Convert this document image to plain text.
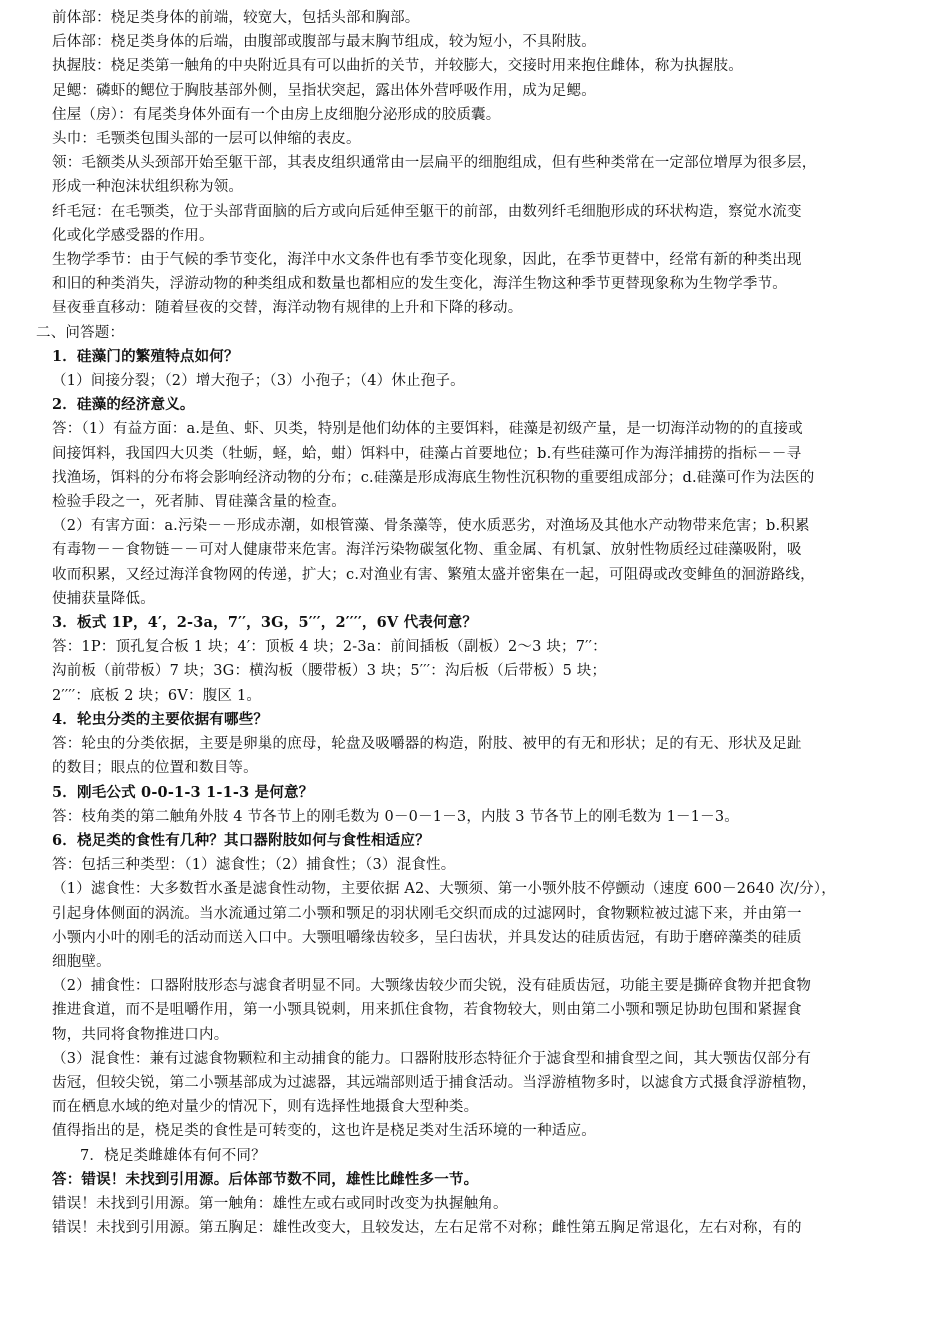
前体部：桡足类身体的前端，较宽大，包括头部和胸部。
后体部：桡足类身体的后端，由腹部或腹部与最末胸节组成，较为短小，不具附肢。
执握肢：桡足类第一触角的中央附近具有可以曲折的关节，并较膨大，交接时用来抱住雌体，称为执握肢。
足鳃：磷虾的鳃位于胸肢基部外侧，呈指状突起，露出体外营呼吸作用，成为足鳃。
住屋（房）：有尾类身体外面有一个由房上皮细胞分泌形成的胶质囊。
头巾：毛颚类包围头部的一层可以伸缩的表皮。
领：毛额类从头颈部开始至躯干部，其表皮组织通常由一层扁平的细胞组成，但有些种类常在一定部位增厚为很多层，
形成一种泡沫状组织称为领。
纤毛冠：在毛颚类，位于头部背面脑的后方或向后延伸至躯干的前部，由数列纤毛细胞形成的环状构造，察觉水流变
化或化学感受器的作用。
生物学季节：由于气候的季节变化，海洋中水文条件也有季节变化现象，因此，在季节更替中，经常有新的种类出现
和旧的种类消失，浮游动物的种类组成和数量也都相应的发生变化，海洋生物这种季节更替现象称为生物学季节。
昼夜垂直移动：随着昼夜的交替，海洋动物有规律的上升和下降的移动。
二、问答题：
1．硅藻门的繁殖特点如何？
（1）间接分裂；（2）增大孢子；（3）小孢子；（4）休止孢子。
2．硅藻的经济意义。
答：（1）有益方面：a.是鱼、虾、贝类，特别是他们幼体的主要饵料，硅藻是初级产量，是一切海洋动物的的直接或
间接饵料，我国四大贝类（牡蛎，蛏，蛤，蚶）饵料中，硅藻占首要地位；b.有些硅藻可作为海洋捕捞的指标－－寻
找渔场，饵料的分布将会影响经济动物的分布；c.硅藻是形成海底生物性沉积物的重要组成部分；d.硅藻可作为法医的
检验手段之一，死者肺、胃硅藻含量的检查。
（2）有害方面：a.污染－－形成赤潮，如根管藻、骨条藻等，使水质恶劣，对渔场及其他水产动物带来危害；b.积累
有毒物－－食物链－－可对人健康带来危害。海洋污染物碳氢化物、重金属、有机氯、放射性物质经过硅藻吸附，吸
收而积累，又经过海洋食物网的传递，扩大；c.对渔业有害、繁殖太盛并密集在一起，可阻碍或改变鲱鱼的洄游路线，
使捕获量降低。
3．板式 1P，4′，2-3a，7′′，3G，5′′′，2′′′′，6V 代表何意？
答：1P：顶孔复合板 1 块；4′：顶板 4 块；2-3a：前间插板（副板）2～3 块；7′′：
沟前板（前带板）7 块；3G：横沟板（腰带板）3 块；5′′′：沟后板（后带板）5 块；
2′′′′：底板 2 块；6V：腹区 1。
4．轮虫分类的主要依据有哪些？
答：轮虫的分类依据，主要是卵巢的庶母，轮盘及吸嚼器的构造，附肢、被甲的有无和形状；足的有无、形状及足趾
的数目；眼点的位置和数目等。
5．刚毛公式 0-0-1-3 1-1-3 是何意？
答：枝角类的第二触角外肢 4 节各节上的刚毛数为 0－0－1－3，内肢 3 节各节上的刚毛数为 1－1－3。
6．桡足类的食性有几种？其口器附肢如何与食性相适应？
答：包括三种类型：（1）滤食性；（2）捕食性；（3）混食性。
（1）滤食性：大多数哲水蚤是滤食性动物，主要依据 A2、大颚须、第一小颚外肢不停颤动（速度 600－2640 次/分），
引起身体侧面的涡流。当水流通过第二小颚和颚足的羽状刚毛交织而成的过滤网时，食物颗粒被过滤下来，并由第一
小颚内小叶的刚毛的活动而送入口中。大颚咀嚼缘齿较多，呈臼齿状，并具发达的硅质齿冠，有助于磨碎藻类的硅质
细胞壁。
（2）捕食性：口器附肢形态与滤食者明显不同。大颚缘齿较少而尖锐，没有硅质齿冠，功能主要是撕碎食物并把食物
推进食道，而不是咀嚼作用，第一小颚具锐刺，用来抓住食物，若食物较大，则由第二小颚和颚足协助包围和紧握食
物，共同将食物推进口内。
（3）混食性：兼有过滤食物颗粒和主动捕食的能力。口器附肢形态特征介于滤食型和捕食型之间，其大颚齿仅部分有
齿冠，但较尖锐，第二小颚基部成为过滤器，其远端部则适于捕食活动。当浮游植物多时，以滤食方式摄食浮游植物，
而在栖息水域的绝对量少的情况下，则有选择性地摄食大型种类。
值得指出的是，桡足类的食性是可转变的，这也许是桡足类对生活环境的一种适应。
7．桡足类雌雄体有何不同？
答：错误！未找到引用源。后体部节数不同，雄性比雌性多一节。
错误！未找到引用源。第一触角：雄性左或右或同时改变为执握触角。
错误！未找到引用源。第五胸足：雄性改变大，且较发达，左右足常不对称；雌性第五胸足常退化，左右对称，有的
